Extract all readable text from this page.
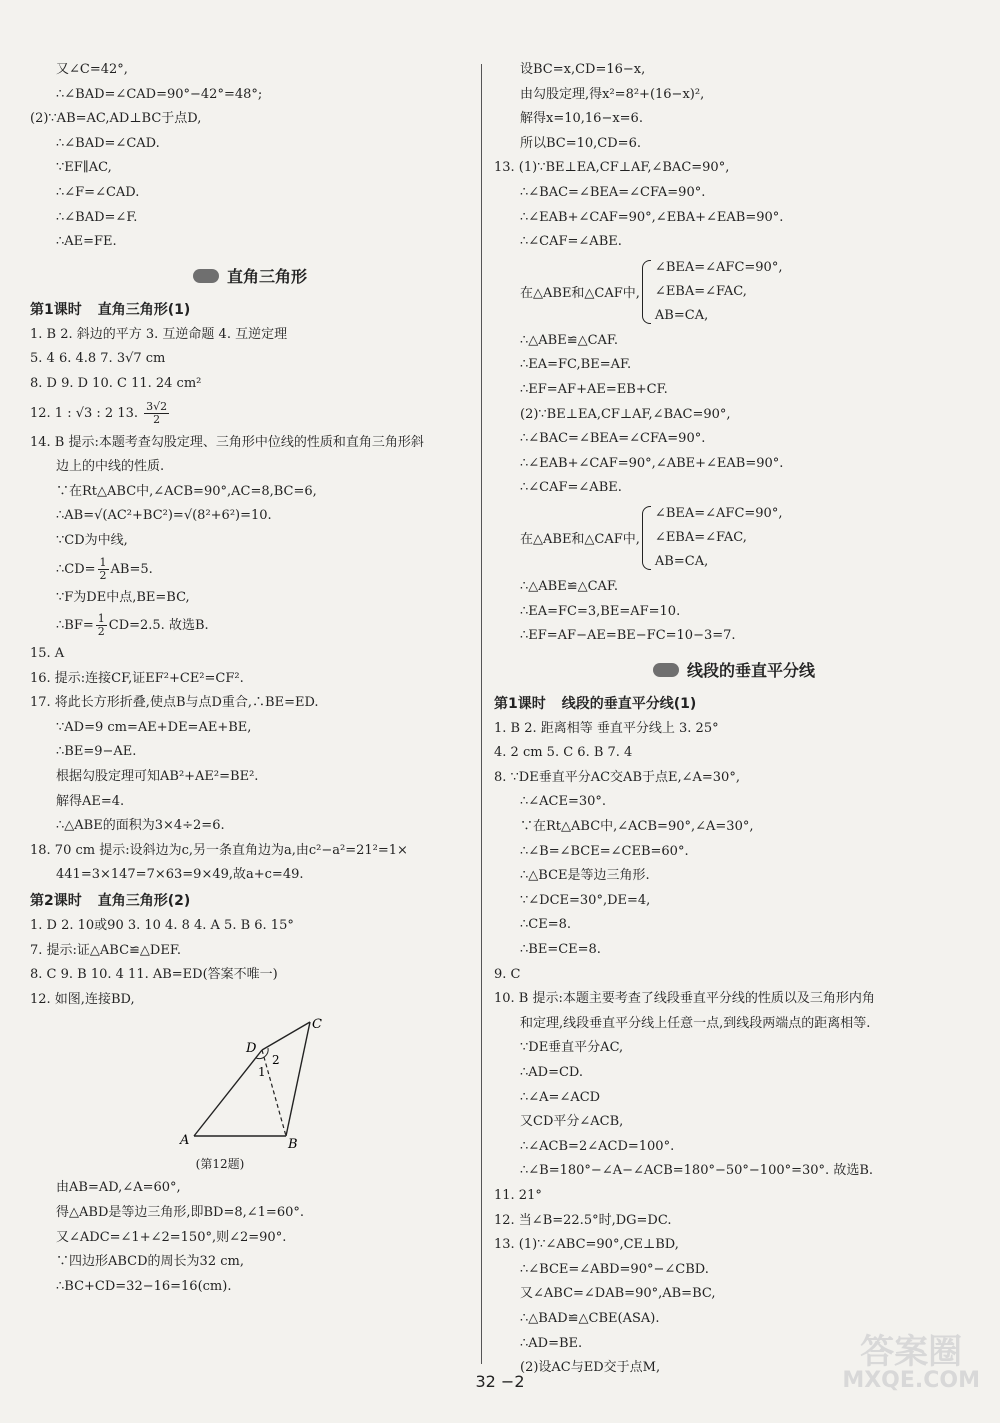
又∠C=42°,
∴∠BAD=∠CAD=90°−42°=48°;
(2)∵AB=AC,AD⊥BC于点D,
∴∠BAD=∠CAD.
∵EF∥AC,
∴∠F=∠CAD.
∴∠BAD=∠F.
∴AE=FE.
直角三角形
第1课时 直角三角形(1)
1. B 2. 斜边的平方 3. 互逆命题 4. 互逆定理
5. 4 6. 4.8 7. 3√7 cm
8. D 9. D 10. C 11. 24 cm²
12. 1 : √3 : 2 13. $\frac{3√2}{2}$
14. B 提示:本题考查勾股定理、三角形中位线的性质和直角三角形斜
边上的中线的性质.
∵在Rt△ABC中,∠ACB=90°,AC=8,BC=6,
∴AB=√(AC²+BC²)=√(8²+6²)=10.
∵CD为中线,
∴CD= $\frac{1}{2} AB=5$.
∵F为DE中点,BE=BC,
∴BF= $\frac{1}{2} CD=2.5$. 故选B.
15. A
16. 提示:连接CF,证EF²+CE²=CF².
17. 将此长方形折叠,使点B与点D重合,∴BE=ED.
∵AD=9 cm=AE+DE=AE+BE,
∴BE=9−AE.
根据勾股定理可知AB²+AE²=BE².
解得AE=4.
∴△ABE的面积为3×4÷2=6.
18. 70 cm 提示:设斜边为c,另一条直角边为a,由c²−a²=21²=1×
441=3×147=7×63=9×49,故a+c=49.
第2课时 直角三角形(2)
1. D 2. 10或90 3. 10 4. 8 4. A 5. B 6. 15°
7. 提示:证△ABC≌△DEF.
8. C 9. B 10. 4 11. AB=ED(答案不唯一)
12. 如图,连接BD,
C
D
2
1
A	B
(第12题)
由AB=AD,∠A=60°,
得△ABD是等边三角形,即BD=8,∠1=60°.
又∠ADC=∠1+∠2=150°,则∠2=90°.
∵四边形ABCD的周长为32 cm,
∴BC+CD=32−16=16(cm).
设BC=x,CD=16−x,
由勾股定理,得x²=8²+(16−x)²,
解得x=10,16−x=6.
所以BC=10,CD=6.
13. (1)∵BE⊥EA,CF⊥AF,∠BAC=90°,
∴∠BAC=∠BEA=∠CFA=90°.
∴∠EAB+∠CAF=90°,∠EBA+∠EAB=90°.
∴∠CAF=∠ABE.
在△ABE和△CAF中,
∠BEA=∠AFC=90°,
∠EBA=∠FAC,
AB=CA,
∴△ABE≌△CAF.
∴EA=FC,BE=AF.
∴EF=AF+AE=EB+CF.
(2)∵BE⊥EA,CF⊥AF,∠BAC=90°,
∴∠BAC=∠BEA=∠CFA=90°.
∴∠EAB+∠CAF=90°,∠ABE+∠EAB=90°.
∴∠CAF=∠ABE.
在△ABE和△CAF中,
∠BEA=∠AFC=90°,
∠EBA=∠FAC,
AB=CA,
∴△ABE≌△CAF.
∴EA=FC=3,BE=AF=10.
∴EF=AF−AE=BE−FC=10−3=7.
线段的垂直平分线
第1课时 线段的垂直平分线(1)
1. B 2. 距离相等 垂直平分线上 3. 25°
4. 2 cm 5. C 6. B 7. 4
8. ∵DE垂直平分AC交AB于点E,∠A=30°,
∴∠ACE=30°.
∵在Rt△ABC中,∠ACB=90°,∠A=30°,
∴∠B=∠BCE=∠CEB=60°.
∴△BCE是等边三角形.
∵∠DCE=30°,DE=4,
∴CE=8.
∴BE=CE=8.
9. C
10. B 提示:本题主要考查了线段垂直平分线的性质以及三角形内角
和定理,线段垂直平分线上任意一点,到线段两端点的距离相等.
∵DE垂直平分AC,
∴AD=CD.
∴∠A=∠ACD
又CD平分∠ACB,
∴∠ACB=2∠ACD=100°.
∴∠B=180°−∠A−∠ACB=180°−50°−100°=30°. 故选B.
11. 21°
12. 当∠B=22.5°时,DG=DC.
13. (1)∵∠ABC=90°,CE⊥BD,
∴∠BCE=∠ABD=90°−∠CBD.
又∠ABC=∠DAB=90°,AB=BC,
∴△BAD≌△CBE(ASA).
∴AD=BE.
(2)设AC与ED交于点M,
32 −2
答案圈
MXQE.COM
